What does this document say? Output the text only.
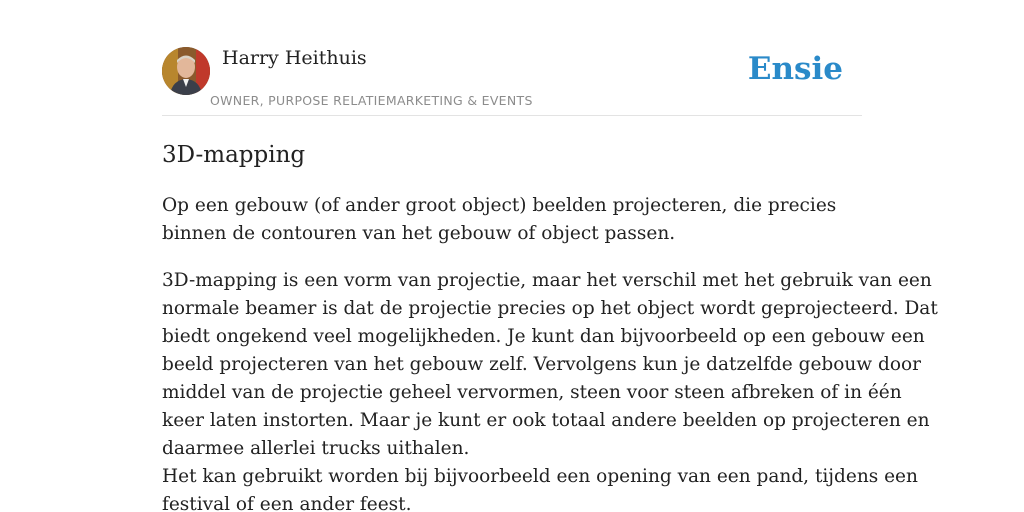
Harry Heithuis
OWNER, PURPOSE RELATIEMARKETING & EVENTS
Ensie
3D-mapping

Op een gebouw (of ander groot object) beelden projecteren, die precies binnen de contouren van het gebouw of object passen.

3D-mapping is een vorm van projectie, maar het verschil met het gebruik van een
normale beamer is dat de projectie precies op het object wordt geprojecteerd. Dat
biedt ongekend veel mogelijkheden. Je kunt dan bijvoorbeeld op een gebouw een
beeld projecteren van het gebouw zelf. Vervolgens kun je datzelfde gebouw door
middel van de projectie geheel vervormen, steen voor steen afbreken of in één
keer laten instorten. Maar je kunt er ook totaal andere beelden op projecteren en
daarmee allerlei trucks uithalen.
Het kan gebruikt worden bij bijvoorbeeld een opening van een pand, tijdens een
festival of een ander feest.
